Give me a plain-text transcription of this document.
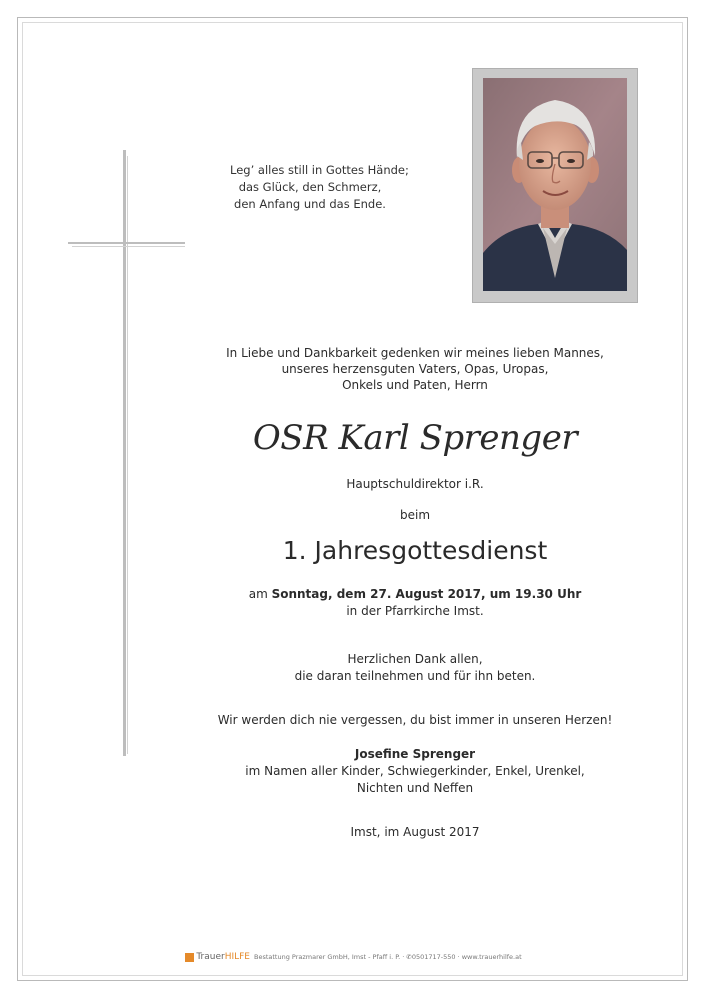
Leg’ alles still in Gottes Hände;
das Glück, den Schmerz,
den Anfang und das Ende.
In Liebe und Dankbarkeit gedenken wir meines lieben Mannes,
unseres herzensguten Vaters, Opas, Uropas,
Onkels und Paten, Herrn
OSR Karl Sprenger
Hauptschuldirektor i.R.
beim
1. Jahresgottesdienst
am Sonntag, dem 27. August 2017, um 19.30 Uhr
in der Pfarrkirche Imst.
Herzlichen Dank allen,
die daran teilnehmen und für ihn beten.
Wir werden dich nie vergessen, du bist immer in unseren Herzen!
Josefine Sprenger
im Namen aller Kinder, Schwiegerkinder, Enkel, Urenkel,
Nichten und Neffen
Imst, im August 2017
TrauerHILFE Bestattung Prazmarer GmbH, Imst - Pfaff i. P. · ✆0501717-550 · www.trauerhilfe.at
